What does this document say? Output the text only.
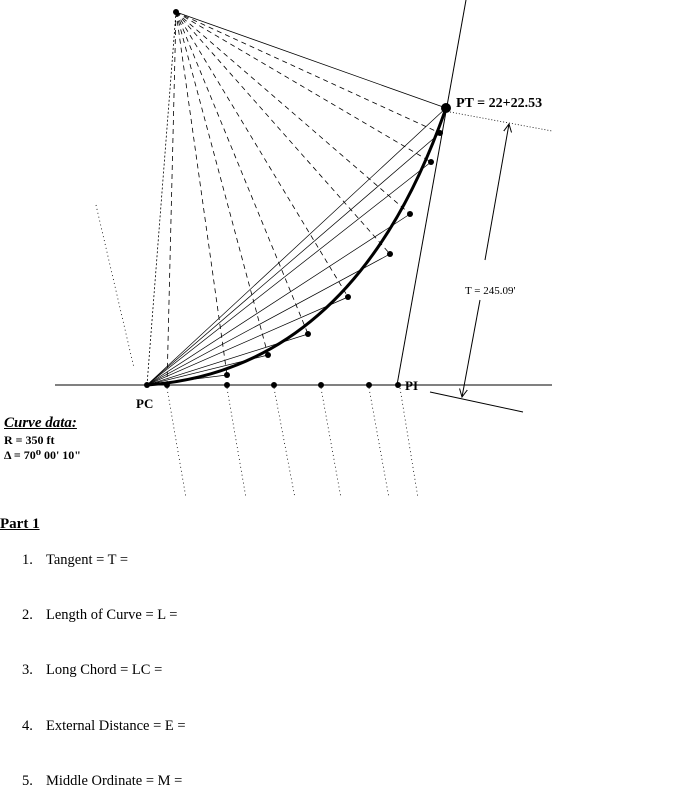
PT = 22+22.53
PC
PI
T = 245.09'
Curve data:
R = 350 ft
Δ = 70⁰ 00' 10"
Part 1
1. Tangent = T =
2. Length of Curve = L =
3. Long Chord = LC =
4. External Distance = E =
5. Middle Ordinate = M =
